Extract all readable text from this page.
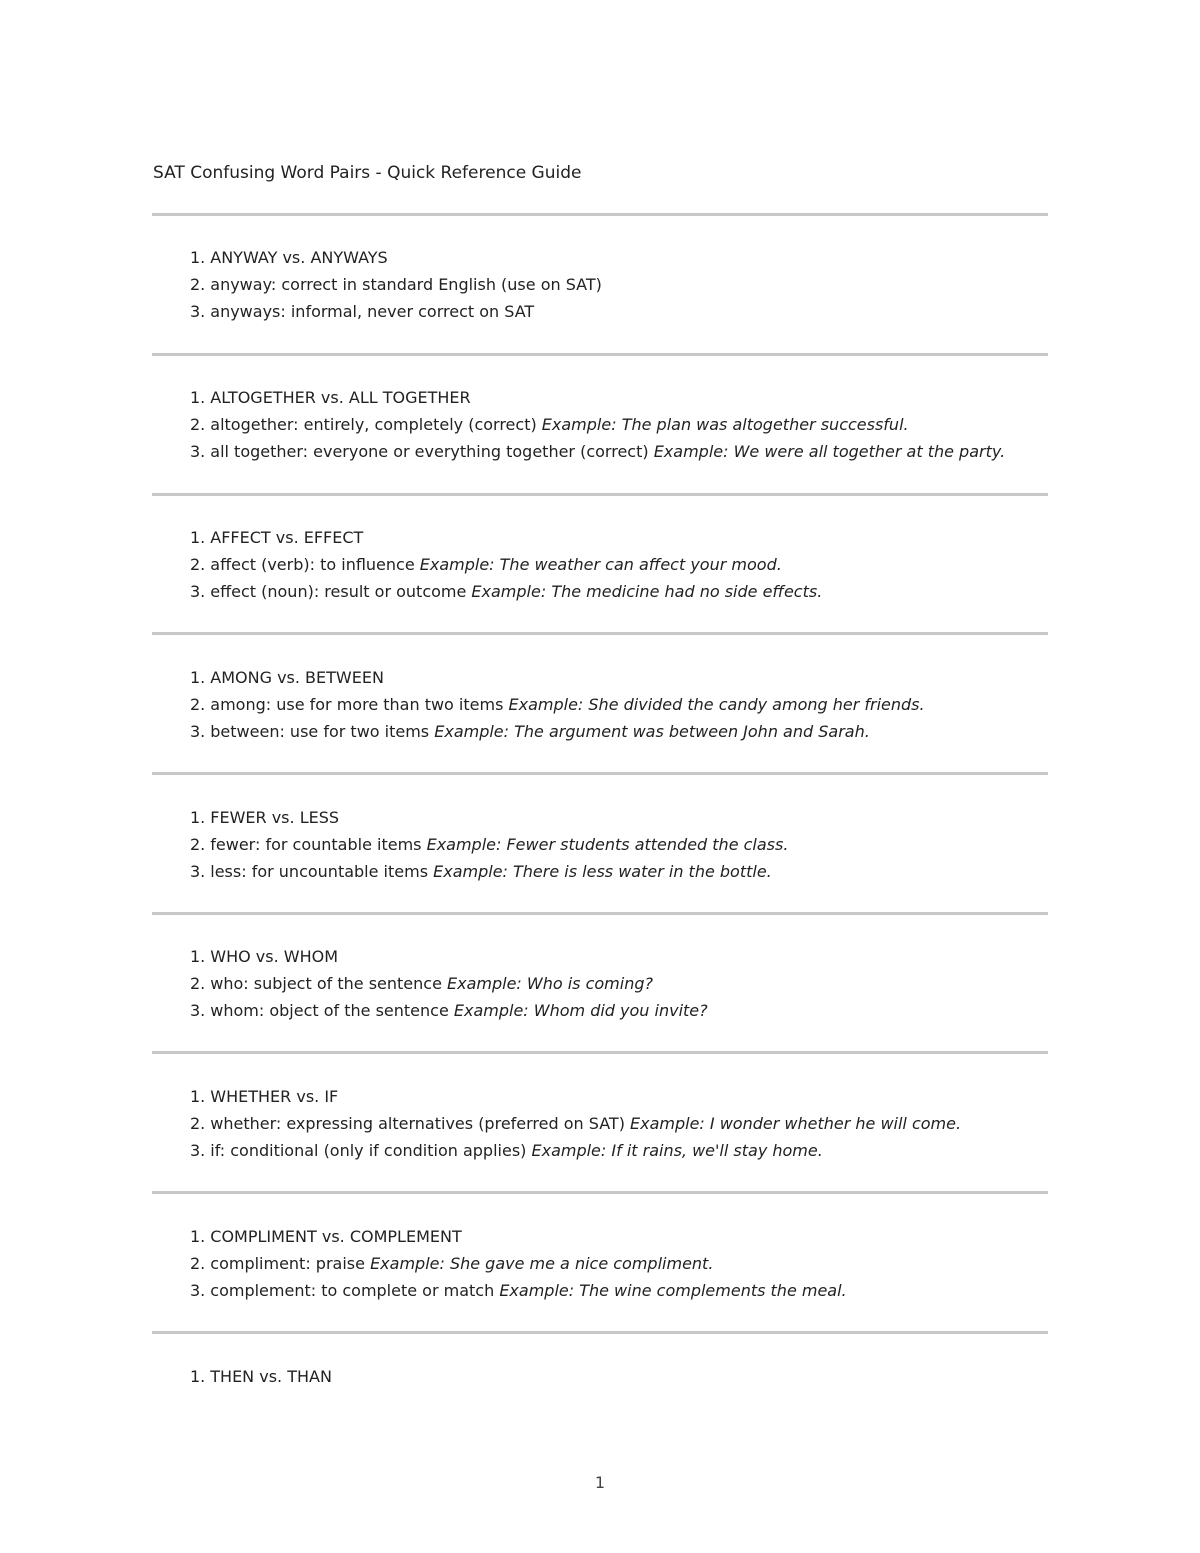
SAT Confusing Word Pairs - Quick Reference Guide
1. ANYWAY vs. ANYWAYS
2. anyway: correct in standard English (use on SAT)
3. anyways: informal, never correct on SAT
1. ALTOGETHER vs. ALL TOGETHER
2. altogether: entirely, completely (correct) Example: The plan was altogether successful.
3. all together: everyone or everything together (correct) Example: We were all together at the party.
1. AFFECT vs. EFFECT
2. affect (verb): to influence Example: The weather can affect your mood.
3. effect (noun): result or outcome Example: The medicine had no side effects.
1. AMONG vs. BETWEEN
2. among: use for more than two items Example: She divided the candy among her friends.
3. between: use for two items Example: The argument was between John and Sarah.
1. FEWER vs. LESS
2. fewer: for countable items Example: Fewer students attended the class.
3. less: for uncountable items Example: There is less water in the bottle.
1. WHO vs. WHOM
2. who: subject of the sentence Example: Who is coming?
3. whom: object of the sentence Example: Whom did you invite?
1. WHETHER vs. IF
2. whether: expressing alternatives (preferred on SAT) Example: I wonder whether he will come.
3. if: conditional (only if condition applies) Example: If it rains, we'll stay home.
1. COMPLIMENT vs. COMPLEMENT
2. compliment: praise Example: She gave me a nice compliment.
3. complement: to complete or match Example: The wine complements the meal.
1. THEN vs. THAN
1
